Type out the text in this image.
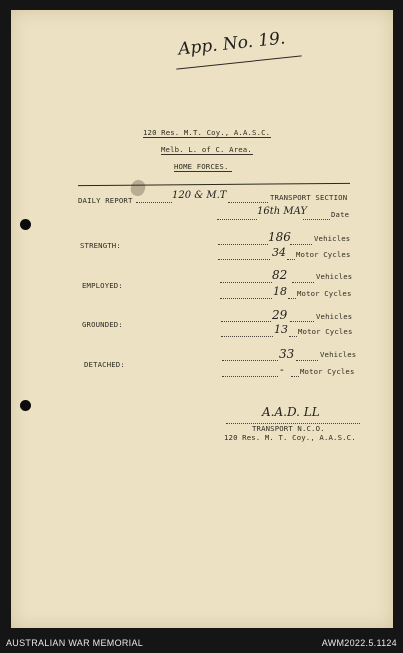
App. No. 19.
120 Res. M.T. Coy., A.A.S.C.
Melb. L. of C. Area.
HOME FORCES.
DAILY REPORT	120 & M.T	TRANSPORT SECTION
16th MAY	Date
STRENGTH:
186	Vehicles
34 Motor Cycles
EMPLOYED:
82	Vehicles
18 Motor Cycles
GROUNDED:
29	Vehicles
13 Motor Cycles
DETACHED:
33	Vehicles
- Motor Cycles
A.A.D. LL
TRANSPORT N.C.O.
120 Res. M. T. Coy., A.A.S.C.
AUSTRALIAN WAR MEMORIAL	AWM2022.5.1124
